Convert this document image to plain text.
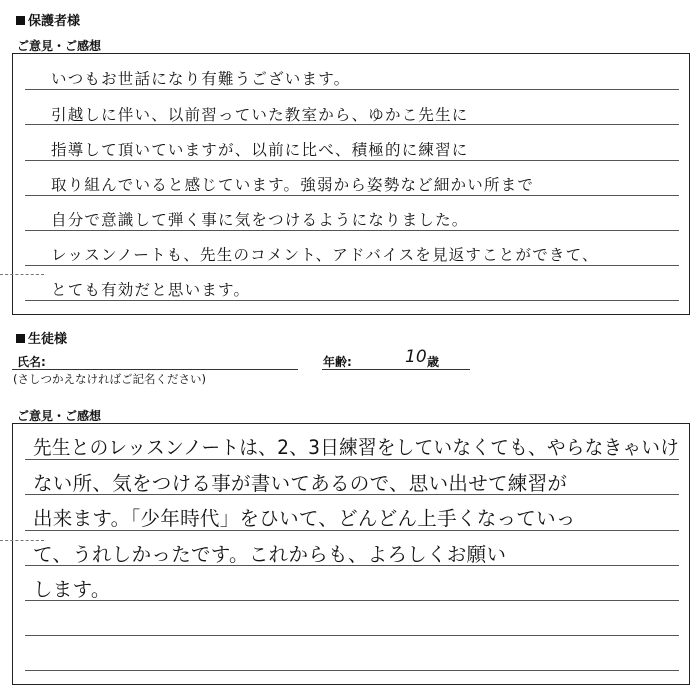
保護者様
ご意見・ご感想
いつもお世話になり有難うございます。
引越しに伴い、以前習っていた教室から、ゆかこ先生に
指導して頂いていますが、以前に比べ、積極的に練習に
取り組んでいると感じています。強弱から姿勢など細かい所まで
自分で意識して弾く事に気をつけるようになりました。
レッスンノートも、先生のコメント、アドバイスを見返すことができて、
とても有効だと思います。
生徒様
氏名:
(さしつかえなければご記名ください)
年齢:	10 歳
ご意見・ご感想
先生とのレッスンノートは、2、3日練習をしていなくても、やらなきゃいけ
ない所、気をつける事が書いてあるので、思い出せて練習が
出来ます。「少年時代」をひいて、どんどん上手くなっていっ
て、うれしかったです。これからも、よろしくお願い
します。
